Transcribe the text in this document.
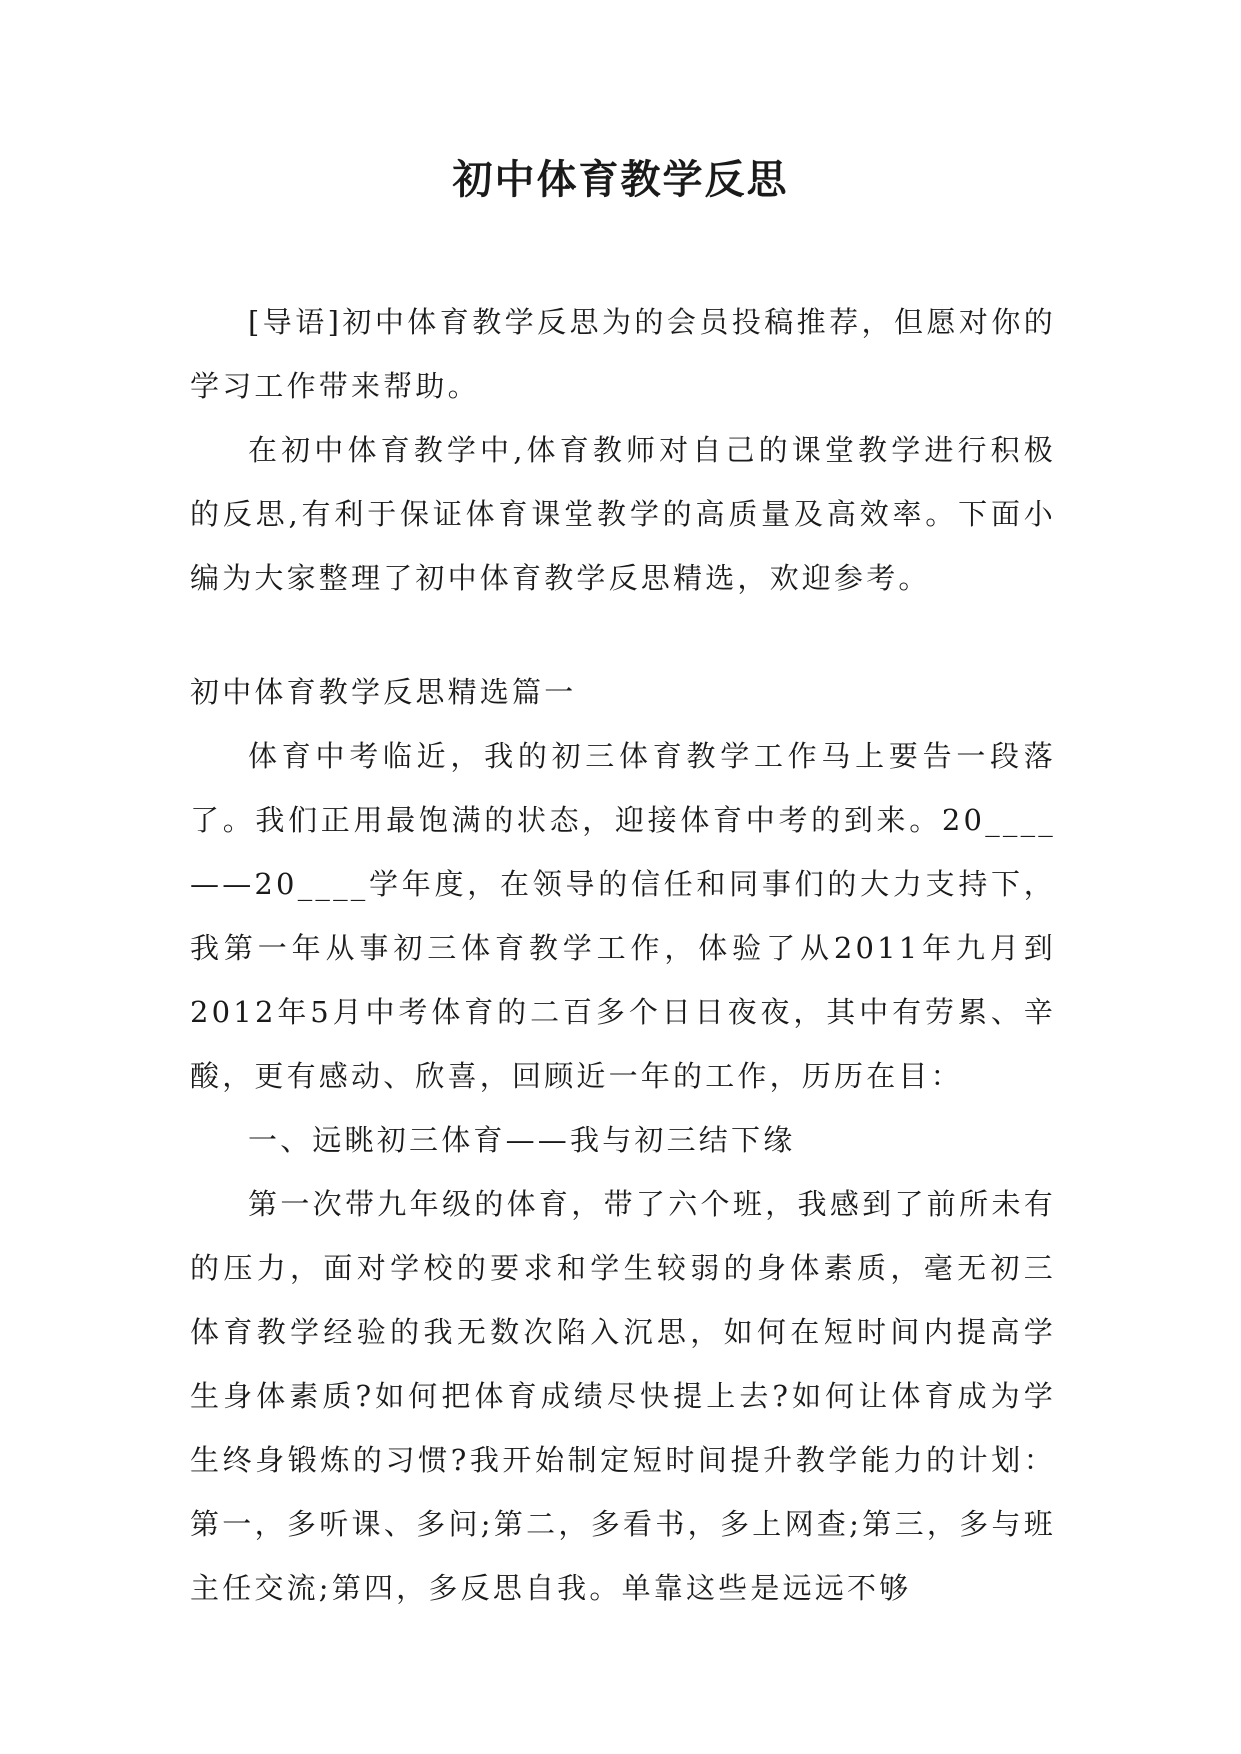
初中体育教学反思

[导语]初中体育教学反思为的会员投稿推荐，但愿对你的学习工作带来帮助。

在初中体育教学中,体育教师对自己的课堂教学进行积极的反思,有利于保证体育课堂教学的高质量及高效率。下面小编为大家整理了初中体育教学反思精选，欢迎参考。

初中体育教学反思精选篇一

体育中考临近，我的初三体育教学工作马上要告一段落了。我们正用最饱满的状态，迎接体育中考的到来。20____——20____学年度，在领导的信任和同事们的大力支持下，我第一年从事初三体育教学工作，体验了从2011年九月到2012年5月中考体育的二百多个日日夜夜，其中有劳累、辛酸，更有感动、欣喜，回顾近一年的工作，历历在目：

一、远眺初三体育——我与初三结下缘

第一次带九年级的体育，带了六个班，我感到了前所未有的压力，面对学校的要求和学生较弱的身体素质，毫无初三体育教学经验的我无数次陷入沉思，如何在短时间内提高学生身体素质?如何把体育成绩尽快提上去?如何让体育成为学生终身锻炼的习惯?我开始制定短时间提升教学能力的计划：第一，多听课、多问;第二，多看书，多上网查;第三，多与班主任交流;第四，多反思自我。单靠这些是远远不够
